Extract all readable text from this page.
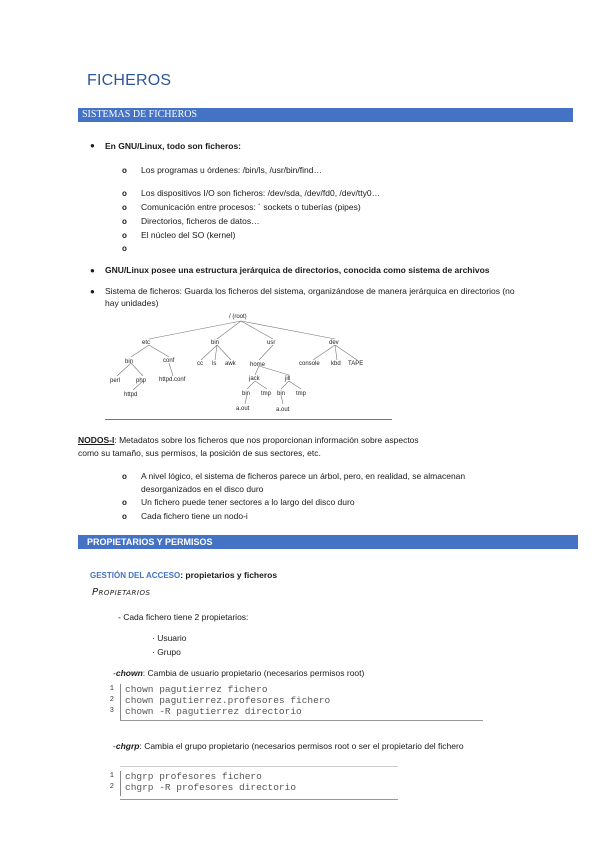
FICHEROS
SISTEMAS DE FICHEROS
● En GNU/Linux, todo son ficheros:
o Los programas u órdenes: /bin/ls, /usr/bin/find…
o Los dispositivos I/O son ficheros: /dev/sda, /dev/fd0, /dev/tty0…
o Comunicación entre procesos: ´ sockets o tuberías (pipes)
o Directorios, ficheros de datos…
o El núcleo del SO (kernel)
o
● GNU/Linux posee una estructura jerárquica de directorios, conocida como sistema de archivos
● Sistema de ficheros: Guarda los ficheros del sistema, organizándose de manera jerárquica en directorios (no
hay unidades)
/ (root)
etc	bin	usr	dev
bin	conf
perl	php
httpd
httpd.conf
cc ls awk home
jack	jill
bin tmp bin tmp
a.out	a.out
console kbd TAPE
NODOS-I: Metadatos sobre los ficheros que nos proporcionan información sobre aspectos
como su tamaño, sus permisos, la posición de sus sectores, etc.
o A nivel lógico, el sistema de ficheros parece un árbol, pero, en realidad, se almacenan
desorganizados en el disco duro
o Un fichero puede tener sectores a lo largo del disco duro
o Cada fichero tiene un nodo-i
PROPIETARIOS Y PERMISOS
GESTIÓN DEL ACCESO: propietarios y ficheros
Propietarios
- Cada fichero tiene 2 propietarios:
· Usuario
· Grupo
-chown: Cambia de usuario propietario (necesarios permisos root)
1
2
3
chown pagutierrez fichero
chown pagutierrez.profesores fichero
chown -R pagutierrez directorio
-chgrp: Cambia el grupo propietario (necesarios permisos root o ser el propietario del fichero
1
2
chgrp profesores fichero
chgrp -R profesores directorio
